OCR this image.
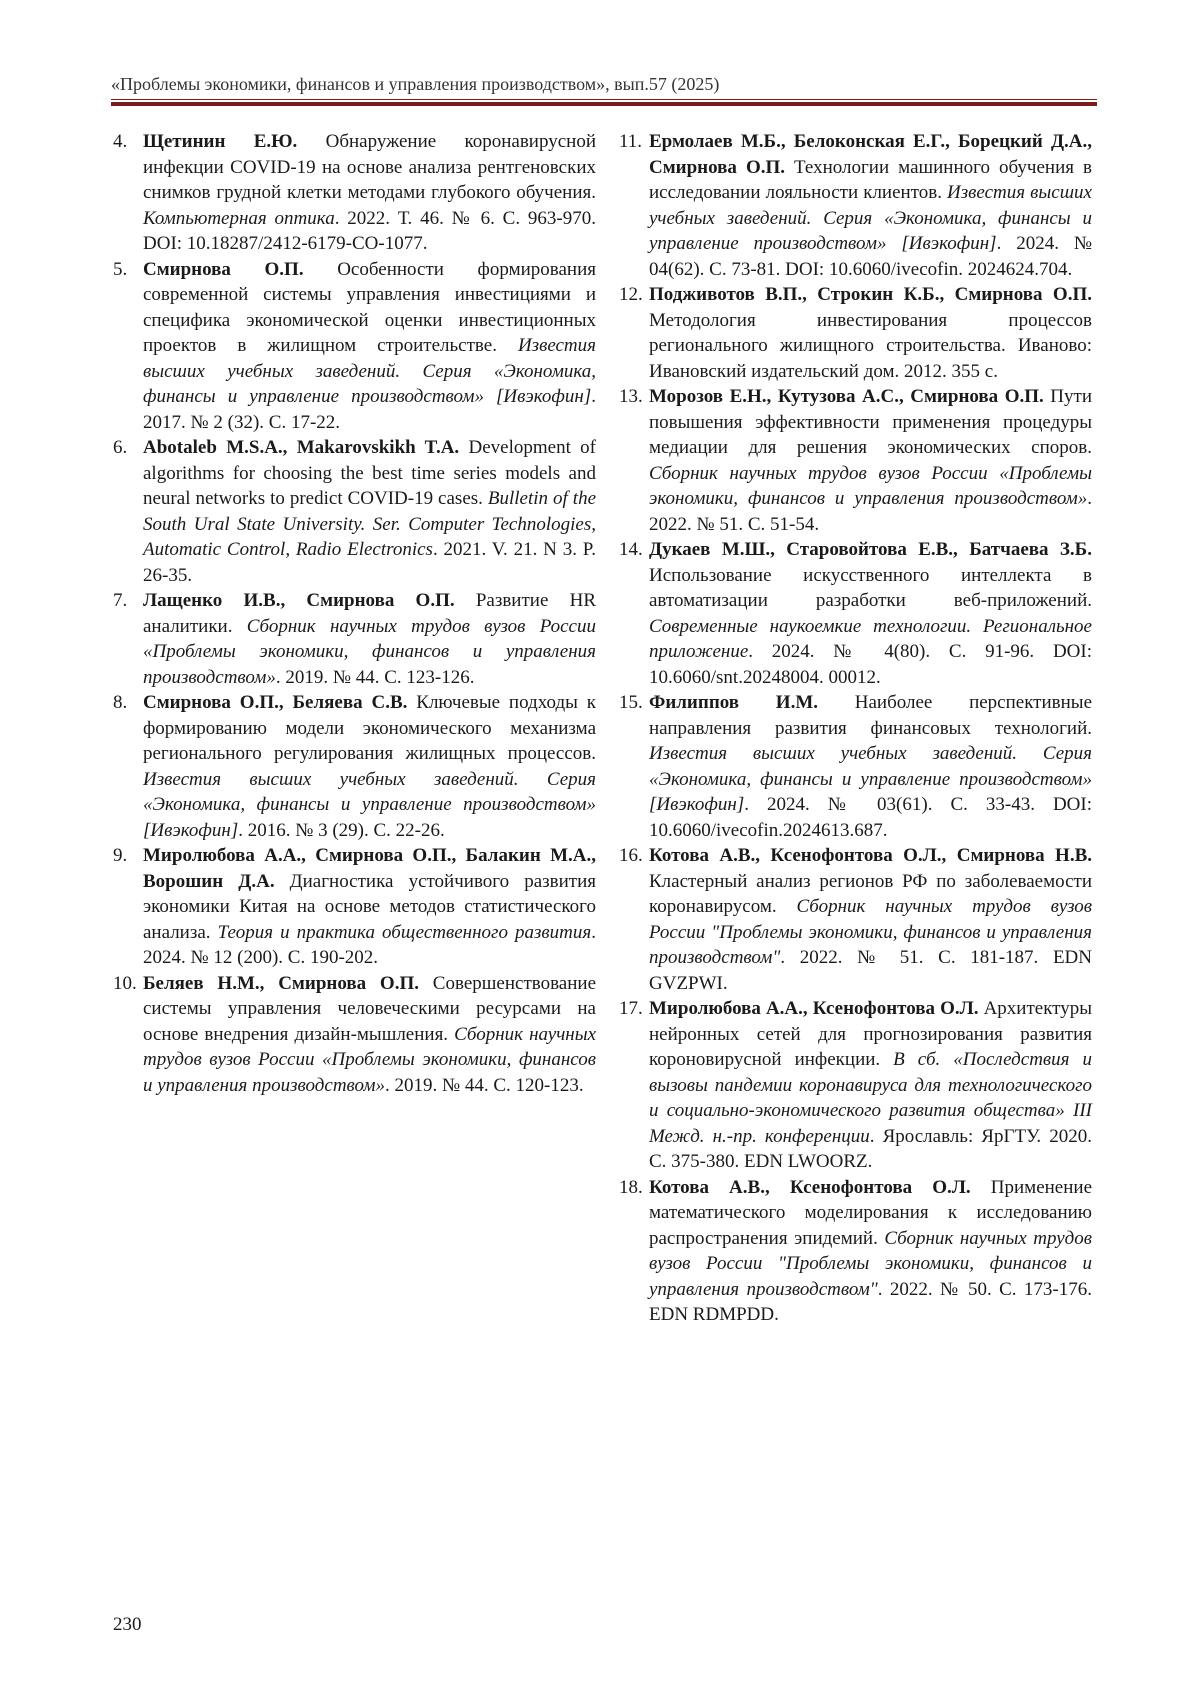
«Проблемы экономики, финансов и управления производством», вып.57 (2025)
4. Щетинин Е.Ю. Обнаружение коронавирусной инфекции COVID-19 на основе анализа рентгеновских снимков грудной клетки методами глубокого обучения. Компьютерная оптика. 2022. Т. 46. № 6. С. 963-970. DOI: 10.18287/2412-6179-CO-1077.
5. Смирнова О.П. Особенности формирования современной системы управления инвестициями и специфика экономической оценки инвестиционных проектов в жилищном строительстве. Известия высших учебных заведений. Серия «Экономика, финансы и управление производством» [Ивэкофин]. 2017. № 2 (32). С. 17-22.
6. Abotaleb M.S.A., Makarovskikh T.A. Development of algorithms for choosing the best time series models and neural networks to predict COVID-19 cases. Bulletin of the South Ural State University. Ser. Computer Technologies, Automatic Control, Radio Electronics. 2021. V. 21. N 3. P. 26-35.
7. Лащенко И.В., Смирнова О.П. Развитие HR аналитики. Сборник научных трудов вузов России «Проблемы экономики, финансов и управления производством». 2019. № 44. С. 123-126.
8. Смирнова О.П., Беляева С.В. Ключевые подходы к формированию модели экономического механизма регионального регулирования жилищных процессов. Известия высших учебных заведений. Серия «Экономика, финансы и управление производством» [Ивэкофин]. 2016. № 3 (29). С. 22-26.
9. Миролюбова А.А., Смирнова О.П., Балакин М.А., Ворошин Д.А. Диагностика устойчивого развития экономики Китая на основе методов статистического анализа. Теория и практика общественного развития. 2024. № 12 (200). С. 190-202.
10. Беляев Н.М., Смирнова О.П. Совершенствование системы управления человеческими ресурсами на основе внедрения дизайн-мышления. Сборник научных трудов вузов России «Проблемы экономики, финансов и управления производством». 2019. № 44. С. 120-123.
11. Ермолаев М.Б., Белоконская Е.Г., Борецкий Д.А., Смирнова О.П. Технологии машинного обучения в исследовании лояльности клиентов. Известия высших учебных заведений. Серия «Экономика, финансы и управление производством» [Ивэкофин]. 2024. № 04(62). С. 73-81. DOI: 10.6060/ivecofin. 2024624.704.
12. Подживотов В.П., Строкин К.Б., Смирнова О.П. Методология инвестирования процессов регионального жилищного строительства. Иваново: Ивановский издательский дом. 2012. 355 с.
13. Морозов Е.Н., Кутузова А.С., Смирнова О.П. Пути повышения эффективности применения процедуры медиации для решения экономических споров. Сборник научных трудов вузов России «Проблемы экономики, финансов и управления производством». 2022. № 51. С. 51-54.
14. Дукаев М.Ш., Старовойтова Е.В., Батчаева З.Б. Использование искусственного интеллекта в автоматизации разработки веб-приложений. Современные наукоемкие технологии. Региональное приложение. 2024. № 4(80). С. 91-96. DOI: 10.6060/snt.20248004. 00012.
15. Филиппов И.М. Наиболее перспективные направления развития финансовых технологий. Известия высших учебных заведений. Серия «Экономика, финансы и управление производством» [Ивэкофин]. 2024. № 03(61). С. 33-43. DOI: 10.6060/ivecofin.2024613.687.
16. Котова А.В., Ксенофонтова О.Л., Смирнова Н.В. Кластерный анализ регионов РФ по заболеваемости коронавирусом. Сборник научных трудов вузов России "Проблемы экономики, финансов и управления производством". 2022. № 51. С. 181-187. EDN GVZPWI.
17. Миролюбова А.А., Ксенофонтова О.Л. Архитектуры нейронных сетей для прогнозирования развития короновирусной инфекции. В сб. «Последствия и вызовы пандемии коронавируса для технологического и социально-экономического развития общества» III Межд. н.-пр. конференции. Ярославль: ЯрГТУ. 2020. С. 375-380. EDN LWOORZ.
18. Котова А.В., Ксенофонтова О.Л. Применение математического моделирования к исследованию распространения эпидемий. Сборник научных трудов вузов России "Проблемы экономики, финансов и управления производством". 2022. № 50. С. 173-176. EDN RDMPDD.
230
